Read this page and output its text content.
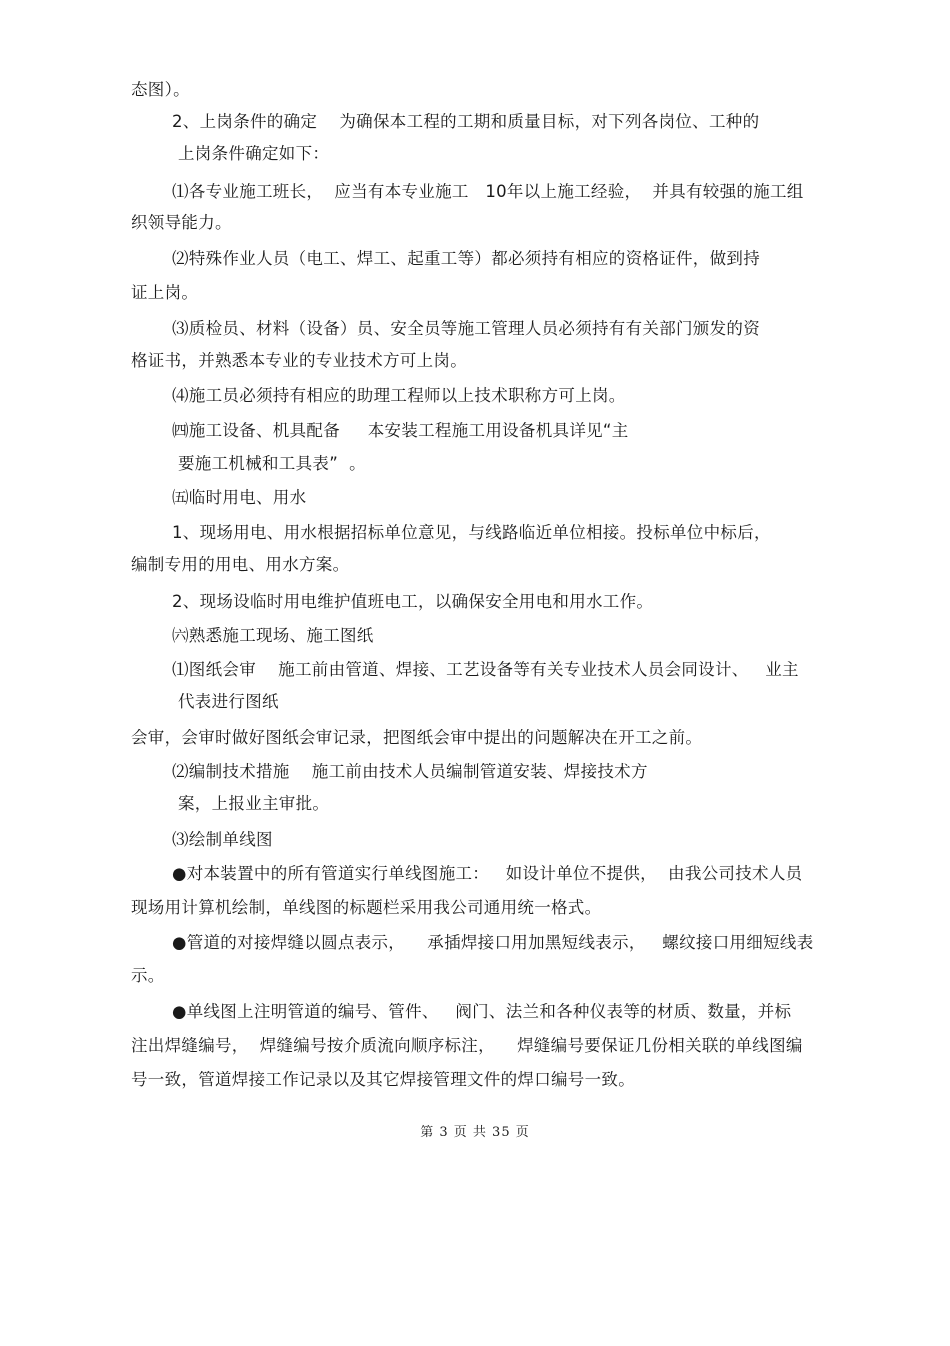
态图）。
2、上岗条件的确定    为确保本工程的工期和质量目标，对下列各岗位、工种的
上岗条件确定如下：
⑴各专业施工班长，  应当有本专业施工   10年以上施工经验，  并具有较强的施工组
织领导能力。
⑵特殊作业人员（电工、焊工、起重工等）都必须持有相应的资格证件，做到持
证上岗。
⑶质检员、材料（设备）员、安全员等施工管理人员必须持有有关部门颁发的资
格证书，并熟悉本专业的专业技术方可上岗。
⑷施工员必须持有相应的助理工程师以上技术职称方可上岗。
㈣施工设备、机具配备     本安装工程施工用设备机具详见“主
要施工机械和工具表”  。
㈤临时用电、用水
1、现场用电、用水根据招标单位意见，与线路临近单位相接。投标单位中标后，
编制专用的用电、用水方案。
2、现场设临时用电维护值班电工，以确保安全用电和用水工作。
㈥熟悉施工现场、施工图纸
⑴图纸会审    施工前由管道、焊接、工艺设备等有关专业技术人员会同设计、   业主
代表进行图纸
会审，会审时做好图纸会审记录，把图纸会审中提出的问题解决在开工之前。
⑵编制技术措施    施工前由技术人员编制管道安装、焊接技术方
案，上报业主审批。
⑶绘制单线图
●对本装置中的所有管道实行单线图施工：   如设计单位不提供，  由我公司技术人员
现场用计算机绘制，单线图的标题栏采用我公司通用统一格式。
●管道的对接焊缝以圆点表示，    承插焊接口用加黑短线表示，   螺纹接口用细短线表
示。
●单线图上注明管道的编号、管件、   阀门、法兰和各种仪表等的材质、数量，并标
注出焊缝编号，  焊缝编号按介质流向顺序标注，    焊缝编号要保证几份相关联的单线图编
号一致，管道焊接工作记录以及其它焊接管理文件的焊口编号一致。
第 3 页 共 35 页
